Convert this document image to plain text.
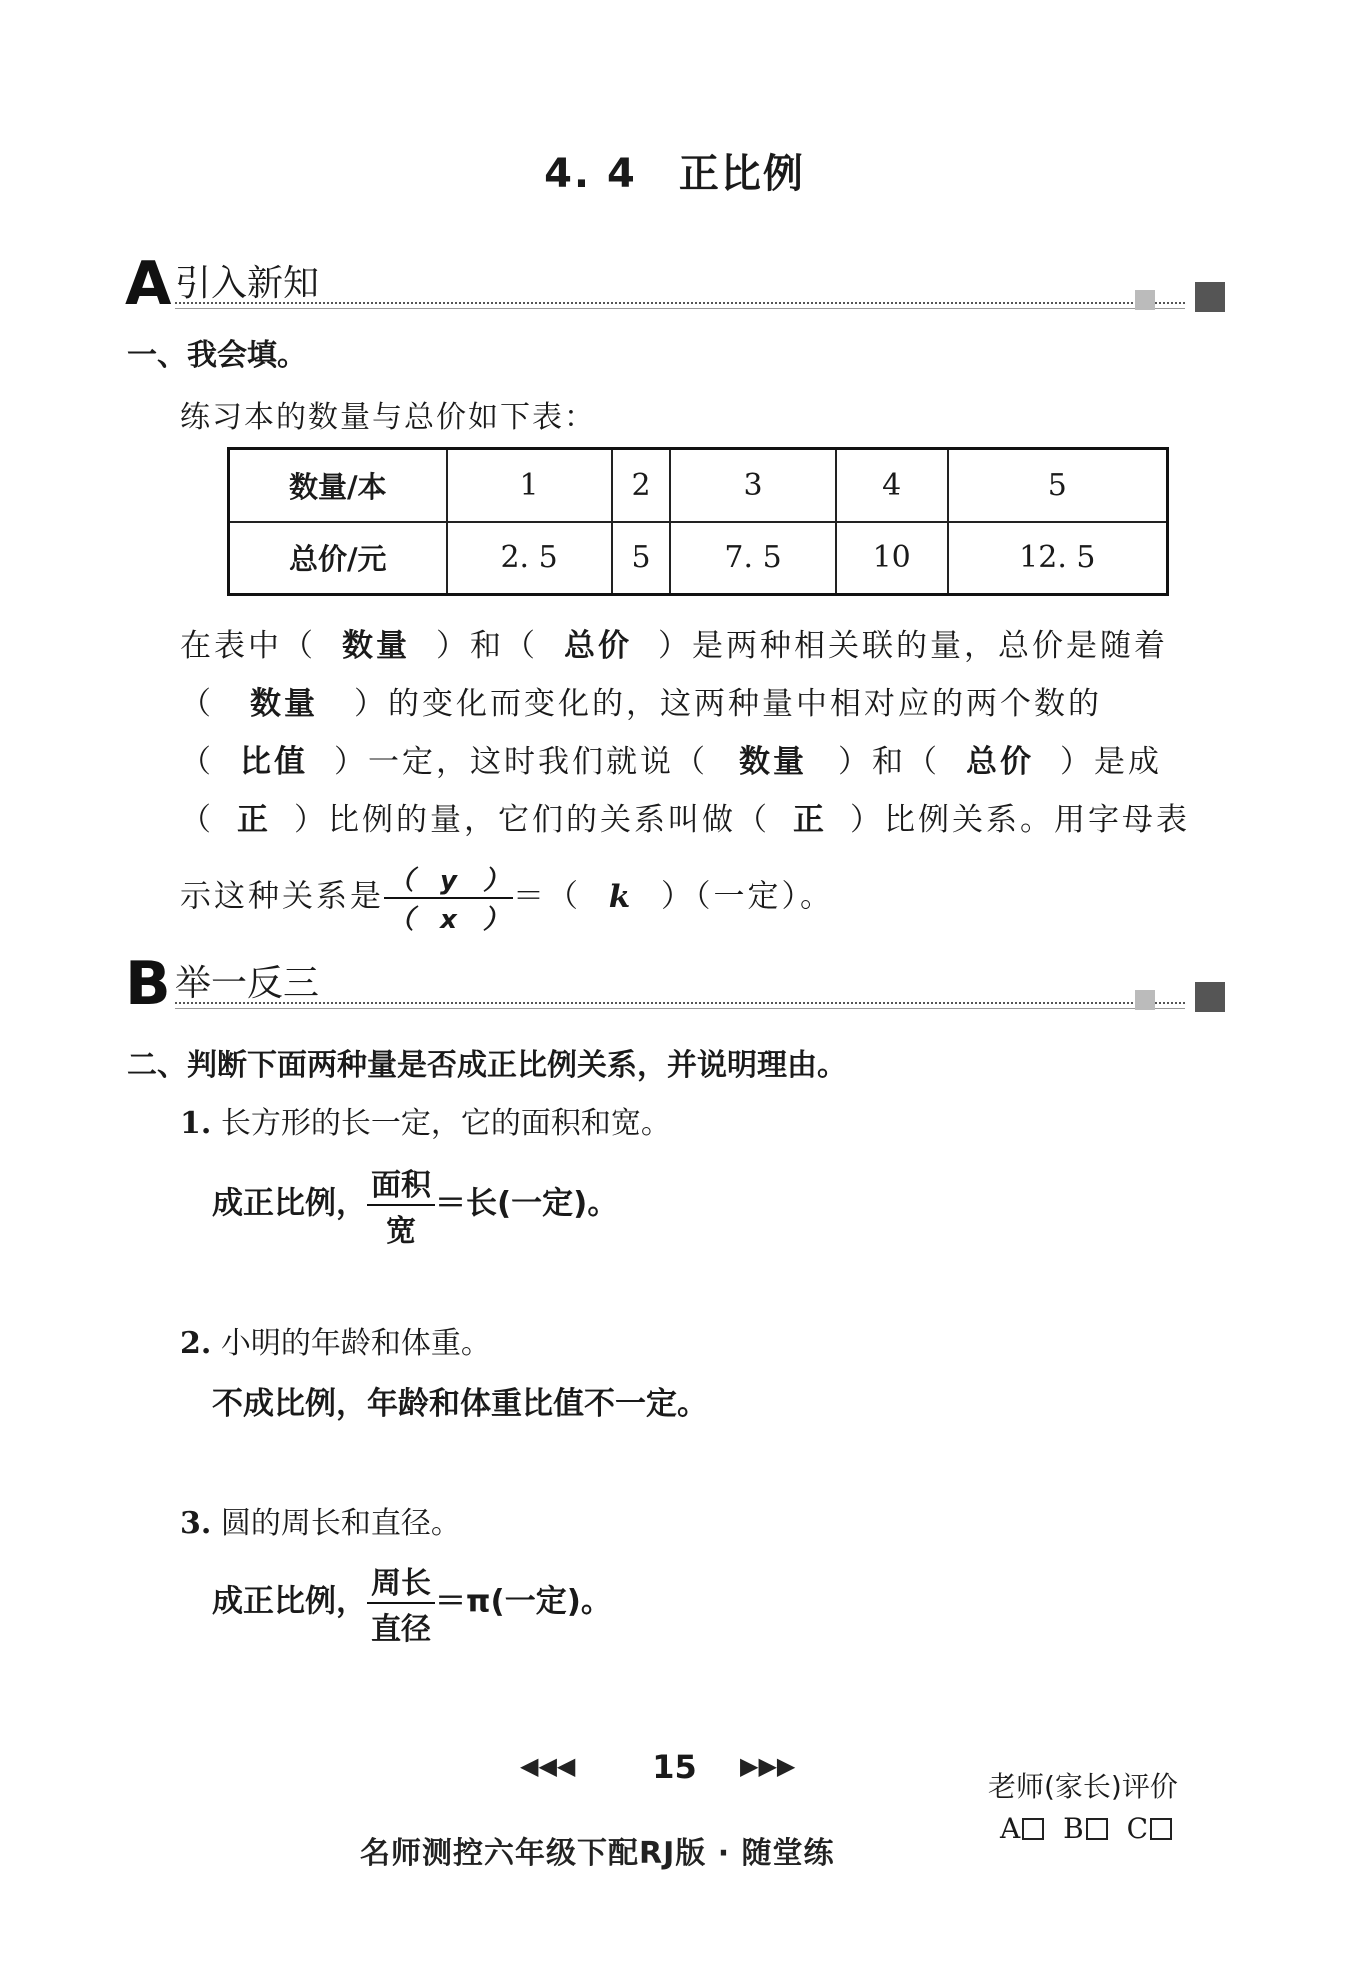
4. 4　正比例
A 引入新知
一、我会填。
练习本的数量与总价如下表：
数量/本	1	2	3	4	5
总价/元	2. 5	5	7. 5	10	12. 5
在表中（ 数量 ）和（ 总价 ）是两种相关联的量，总价是随着
（ 数量 ）的变化而变化的，这两种量中相对应的两个数的
（ 比值 ）一定，这时我们就说（ 数量 ）和（ 总价 ）是成
（ 正 ）比例的量，它们的关系叫做（ 正 ）比例关系。用字母表
示这种关系是 $\frac{( y )}{( x )}$ ＝（ k ）（一定）。
B 举一反三
二、判断下面两种量是否成正比例关系，并说明理由。
1. 长方形的长一定，它的面积和宽。
成正比例， $\frac{\text{面积}}{\text{宽}}$ ＝长(一定)。
2. 小明的年龄和体重。
不成比例，年龄和体重比值不一定。
3. 圆的周长和直径。
成正比例， $\frac{\text{周长}}{\text{直径}} =\pi$(一定)。
◀◀◀	15	▶▶▶
名师测控六年级下配RJ版 · 随堂练
老师(家长)评价
A B C
